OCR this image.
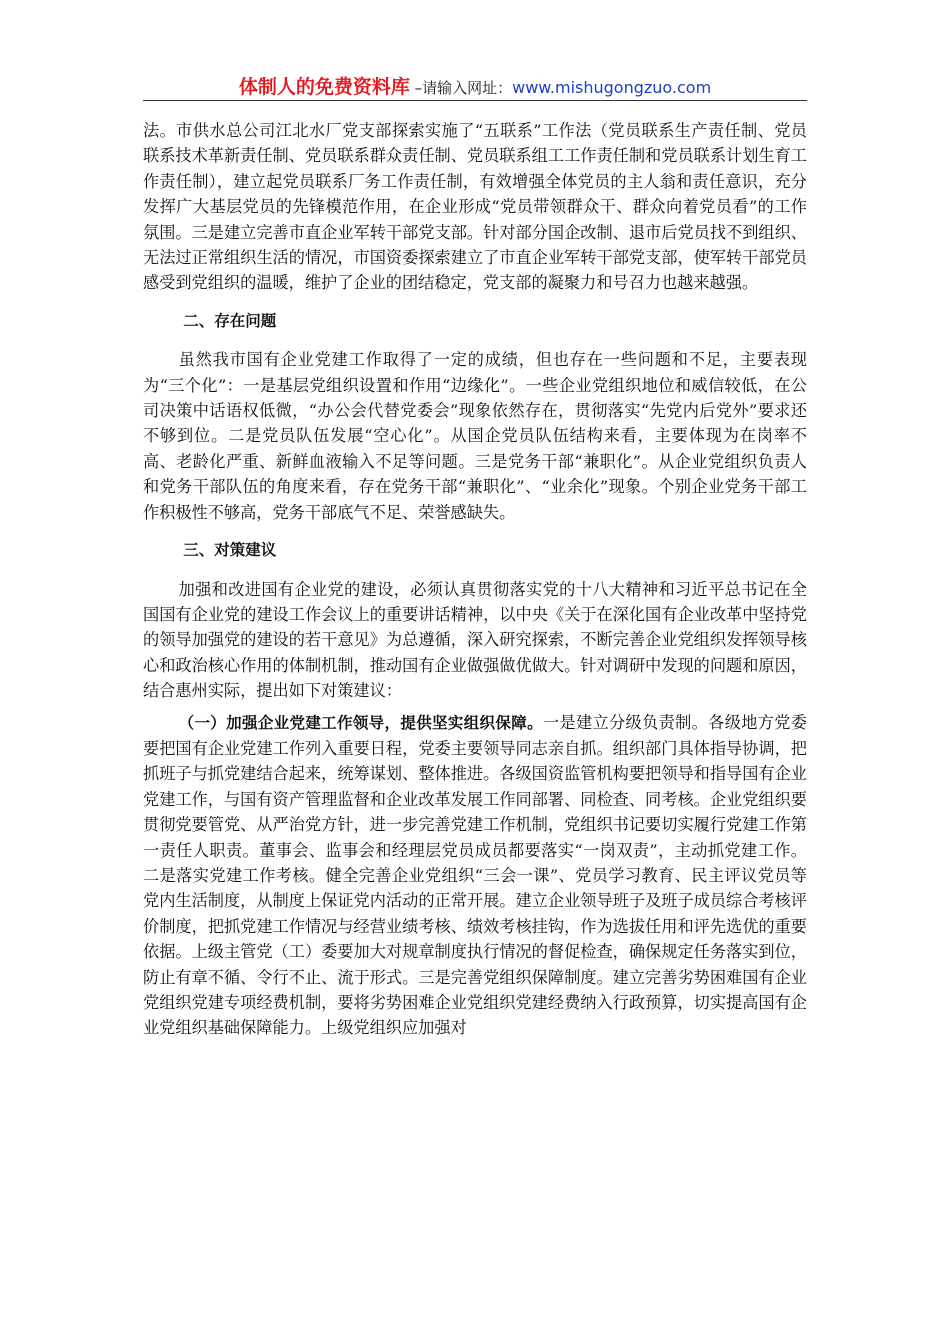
体制人的免费资料库 –请输入网址：www.mishugongzuo.com

法。市供水总公司江北水厂党支部探索实施了“五联系”工作法（党员联系生产责任制、党员联系技术革新责任制、党员联系群众责任制、党员联系组工工作责任制和党员联系计划生育工作责任制），建立起党员联系厂务工作责任制，有效增强全体党员的主人翁和责任意识，充分发挥广大基层党员的先锋模范作用，在企业形成“党员带领群众干、群众向着党员看”的工作氛围。三是建立完善市直企业军转干部党支部。针对部分国企改制、退市后党员找不到组织、无法过正常组织生活的情况，市国资委探索建立了市直企业军转干部党支部，使军转干部党员感受到党组织的温暖，维护了企业的团结稳定，党支部的凝聚力和号召力也越来越强。

二、存在问题

虽然我市国有企业党建工作取得了一定的成绩，但也存在一些问题和不足，主要表现为“三个化”：一是基层党组织设置和作用“边缘化”。一些企业党组织地位和威信较低，在公司决策中话语权低微，“办公会代替党委会”现象依然存在，贯彻落实“先党内后党外”要求还不够到位。二是党员队伍发展“空心化”。从国企党员队伍结构来看，主要体现为在岗率不高、老龄化严重、新鲜血液输入不足等问题。三是党务干部“兼职化”。从企业党组织负责人和党务干部队伍的角度来看，存在党务干部“兼职化”、“业余化”现象。个别企业党务干部工作积极性不够高，党务干部底气不足、荣誉感缺失。

三、对策建议

加强和改进国有企业党的建设，必须认真贯彻落实党的十八大精神和习近平总书记在全国国有企业党的建设工作会议上的重要讲话精神，以中央《关于在深化国有企业改革中坚持党的领导加强党的建设的若干意见》为总遵循，深入研究探索，不断完善企业党组织发挥领导核心和政治核心作用的体制机制，推动国有企业做强做优做大。针对调研中发现的问题和原因，结合惠州实际，提出如下对策建议：

（一）加强企业党建工作领导，提供坚实组织保障。一是建立分级负责制。各级地方党委要把国有企业党建工作列入重要日程，党委主要领导同志亲自抓。组织部门具体指导协调，把抓班子与抓党建结合起来，统筹谋划、整体推进。各级国资监管机构要把领导和指导国有企业党建工作，与国有资产管理监督和企业改革发展工作同部署、同检查、同考核。企业党组织要贯彻党要管党、从严治党方针，进一步完善党建工作机制，党组织书记要切实履行党建工作第一责任人职责。董事会、监事会和经理层党员成员都要落实“一岗双责”，主动抓党建工作。二是落实党建工作考核。健全完善企业党组织“三会一课”、党员学习教育、民主评议党员等党内生活制度，从制度上保证党内活动的正常开展。建立企业领导班子及班子成员综合考核评价制度，把抓党建工作情况与经营业绩考核、绩效考核挂钩，作为选拔任用和评先选优的重要依据。上级主管党（工）委要加大对规章制度执行情况的督促检查，确保规定任务落实到位，防止有章不循、令行不止、流于形式。三是完善党组织保障制度。建立完善劣势困难国有企业党组织党建专项经费机制，要将劣势困难企业党组织党建经费纳入行政预算，切实提高国有企业党组织基础保障能力。上级党组织应加强对
